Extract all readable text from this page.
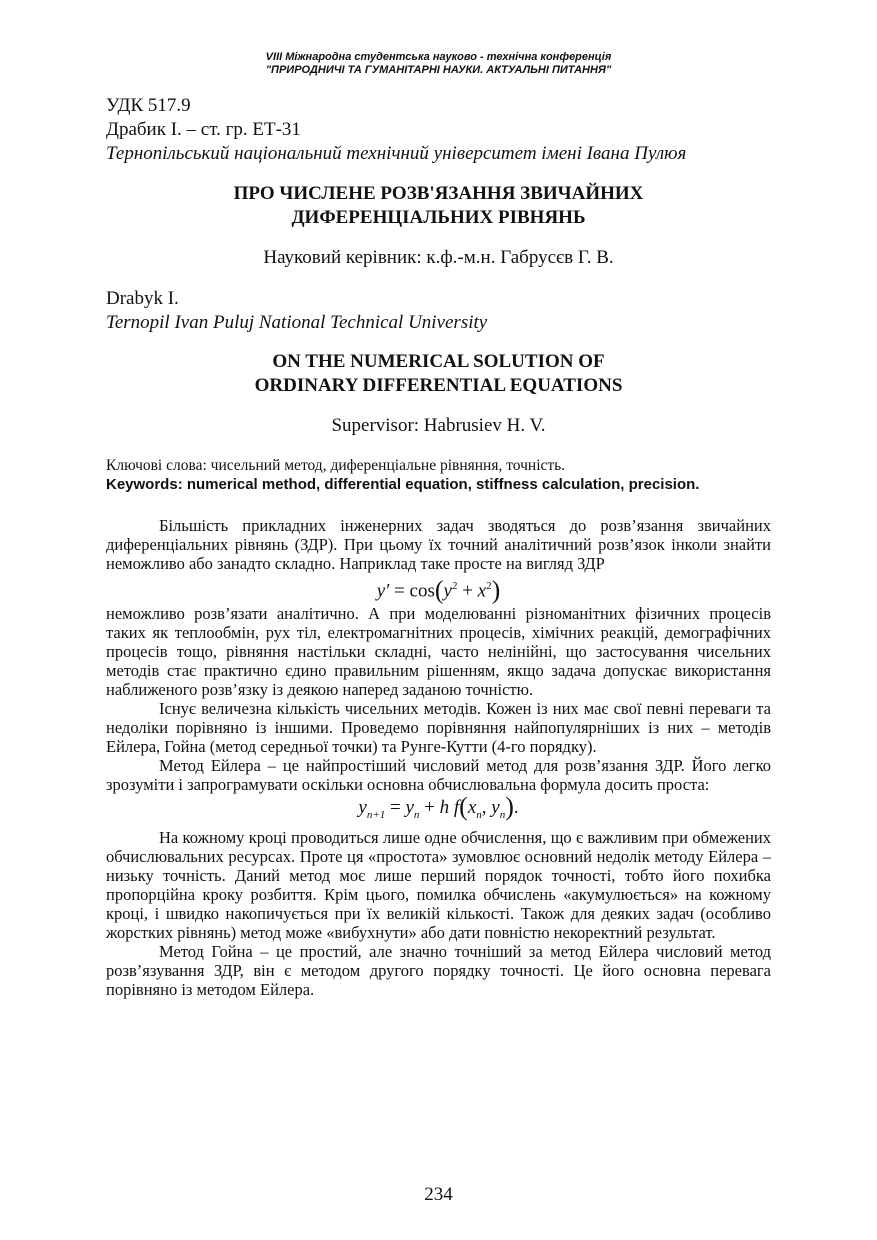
VIII Міжнародна студентська науково - технічна конференція
"ПРИРОДНИЧІ ТА ГУМАНІТАРНІ НАУКИ. АКТУАЛЬНІ ПИТАННЯ"
УДК 517.9
Драбик І. – ст. гр. ЕТ-31
Тернопільський національний технічний університет імені Івана Пулюя
ПРО ЧИСЛЕНЕ РОЗВ'ЯЗАННЯ ЗВИЧАЙНИХ
ДИФЕРЕНЦІАЛЬНИХ РІВНЯНЬ
Науковий керівник: к.ф.-м.н. Габрусєв Г. В.
Drabyk I.
Ternopil Ivan Puluj National Technical University
ON THE NUMERICAL SOLUTION OF
ORDINARY DIFFERENTIAL EQUATIONS
Supervisor: Habrusiev H. V.
Ключові слова: чисельний метод, диференціальне рівняння, точність.
Keywords: numerical method, differential equation, stiffness calculation, precision.

Більшість прикладних інженерних задач зводяться до розв’язання звичайних диференціальних рівнянь (ЗДР). При цьому їх точний аналітичний розв’язок інколи знайти неможливо або занадто складно. Наприклад таке просте на вигляд ЗДР

$y' = \cos(y^2 + x^2)$

неможливо розв’язати аналітично. А при моделюванні різноманітних фізичних процесів таких як теплообмін, рух тіл, електромагнітних процесів, хімічних реакцій, демографічних процесів тощо, рівняння настільки складні, часто нелінійні, що застосування чисельних методів стає практично єдино правильним рішенням, якщо задача допускає використання наближеного розв’язку із деякою наперед заданою точністю.

Існує величезна кількість чисельних методів. Кожен із них має свої певні переваги та недоліки порівняно із іншими. Проведемо порівняння найпопулярніших із них – методів Ейлера, Гойна (метод середньої точки) та Рунге-Кутти (4-го порядку).

Метод Ейлера – це найпростіший числовий метод для розв’язання ЗДР. Його легко зрозуміти і запрограмувати оскільки основна обчислювальна формула досить проста:

$y_{n+1} = y_n + h$ $f(x_n$, $y_n$).

На кожному кроці проводиться лише одне обчислення, що є важливим при обмежених обчислювальних ресурсах. Проте ця «простота» зумовлює основний недолік методу Ейлера – низьку точність. Даний метод моє лише перший порядок точності, тобто його похибка пропорційна кроку розбиття. Крім цього, помилка обчислень «акумулюється» на кожному кроці, і швидко накопичується при їх великій кількості. Також для деяких задач (особливо жорстких рівнянь) метод може «вибухнути» або дати повністю некоректний результат.

Метод Гойна – це простий, але значно точніший за метод Ейлера числовий метод розв’язування ЗДР, він є методом другого порядку точності. Це його основна перевага порівняно із методом Ейлера.

234
